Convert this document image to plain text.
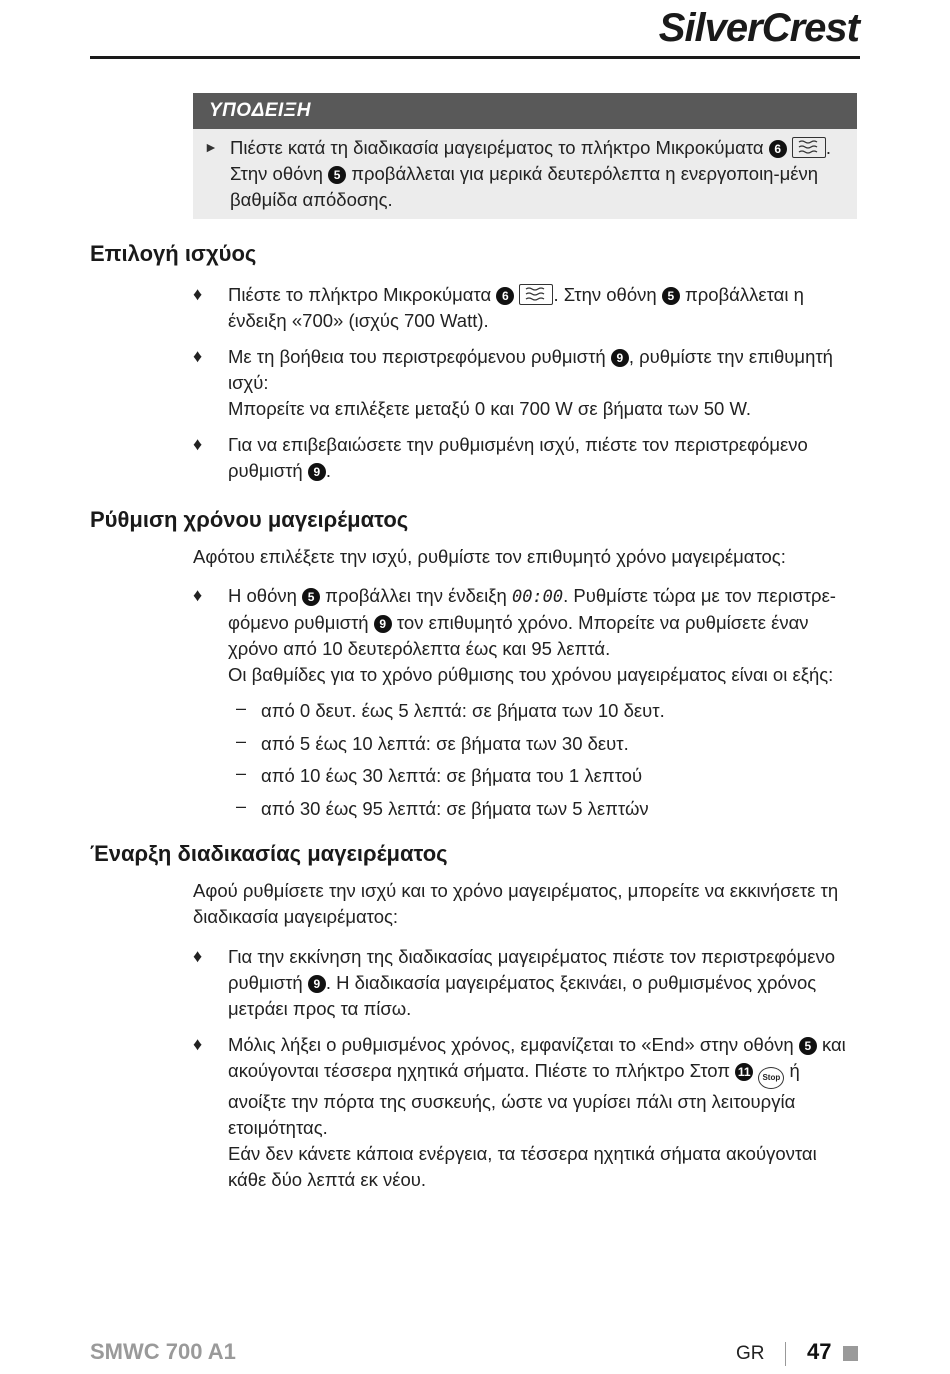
SilverCrest
ΥΠΟΔΕΙΞΗ
► Πιέστε κατά τη διαδικασία μαγειρέματος το πλήκτρο Μικροκύματα 6 . Στην οθόνη 5 προβάλλεται για μερικά δευτερόλεπτα η ενεργοποιη-μένη βαθμίδα απόδοσης.
Επιλογή ισχύος
♦ Πιέστε το πλήκτρο Μικροκύματα 6 . Στην οθόνη 5 προβάλλεται η ένδειξη «700» (ισχύς 700 Watt).
♦ Με τη βοήθεια του περιστρεφόμενου ρυθμιστή 9 , ρυθμίστε την επιθυμητή ισχύ:
Μπορείτε να επιλέξετε μεταξύ 0 και 700 W σε βήματα των 50 W.
♦ Για να επιβεβαιώσετε την ρυθμισμένη ισχύ, πιέστε τον περιστρεφόμενο ρυθμιστή 9 .
Ρύθμιση χρόνου μαγειρέματος
Αφότου επιλέξετε την ισχύ, ρυθμίστε τον επιθυμητό χρόνο μαγειρέματος:
♦ Η οθόνη 5 προβάλλει την ένδειξη 00:00. Ρυθμίστε τώρα με τον περιστρε-φόμενο ρυθμιστή 9 τον επιθυμητό χρόνο. Μπορείτε να ρυθμίσετε έναν χρόνο από 10 δευτερόλεπτα έως και 95 λεπτά.
Οι βαθμίδες για το χρόνο ρύθμισης του χρόνου μαγειρέματος είναι οι εξής:
– από 0 δευτ. έως 5 λεπτά: σε βήματα των 10 δευτ.
– από 5 έως 10 λεπτά: σε βήματα των 30 δευτ.
– από 10 έως 30 λεπτά: σε βήματα του 1 λεπτού
– από 30 έως 95 λεπτά: σε βήματα των 5 λεπτών
Έναρξη διαδικασίας μαγειρέματος
Αφού ρυθμίσετε την ισχύ και το χρόνο μαγειρέματος, μπορείτε να εκκινήσετε τη διαδικασία μαγειρέματος:
♦ Για την εκκίνηση της διαδικασίας μαγειρέματος πιέστε τον περιστρεφόμενο ρυθμιστή 9 . Η διαδικασία μαγειρέματος ξεκινάει, ο ρυθμισμένος χρόνος μετράει προς τα πίσω.
♦ Μόλις λήξει ο ρυθμισμένος χρόνος, εμφανίζεται το «End» στην οθόνη 5 και ακούγονται τέσσερα ηχητικά σήματα. Πιέστε το πλήκτρο Στοπ 11 Stop ή ανοίξτε την πόρτα της συσκευής, ώστε να γυρίσει πάλι στη λειτουργία ετοιμότητας.
Εάν δεν κάνετε κάποια ενέργεια, τα τέσσερα ηχητικά σήματα ακούγονται κάθε δύο λεπτά εκ νέου.
SMWC 700 A1	GR 47
